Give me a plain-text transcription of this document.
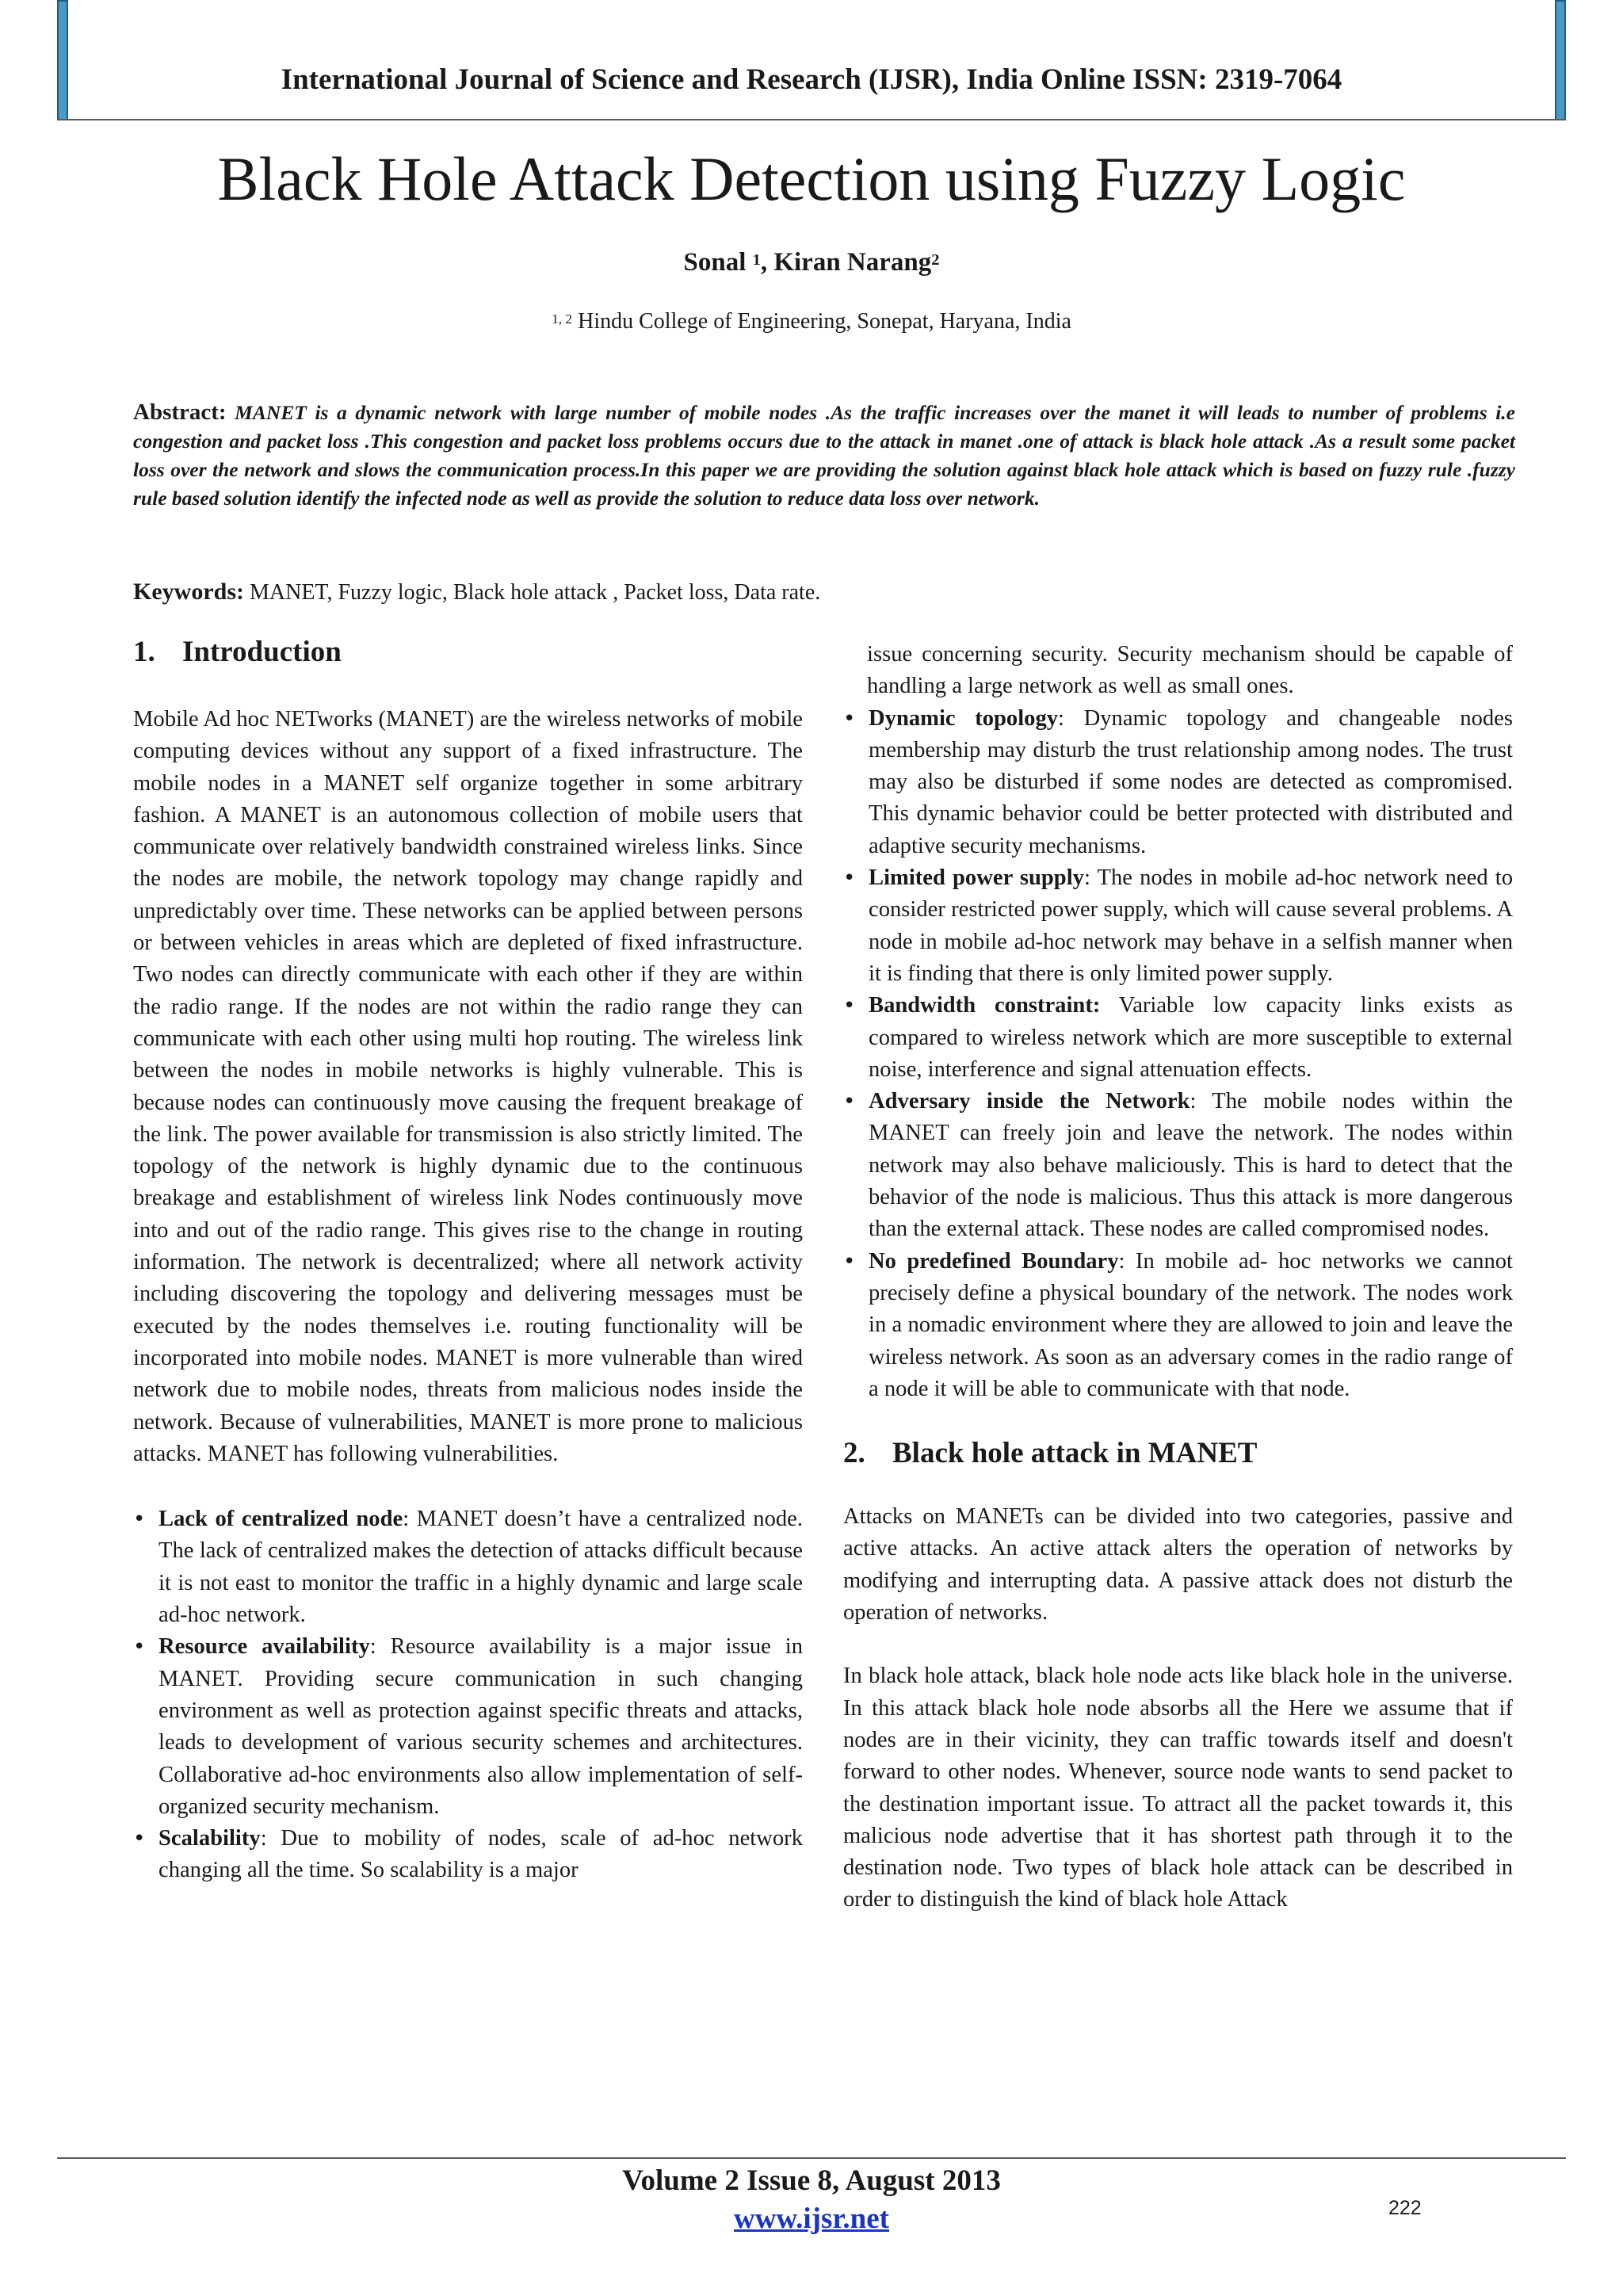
International Journal of Science and Research (IJSR), India Online ISSN: 2319-7064
Black Hole Attack Detection using Fuzzy Logic
Sonal $^1$, Kiran Narang$^2$
$^{1, 2}$ Hindu College of Engineering, Sonepat, Haryana, India

Abstract: MANET is a dynamic network with large number of mobile nodes .As the traffic increases over the manet it will leads to number of problems i.e congestion and packet loss .This congestion and packet loss problems occurs due to the attack in manet .one of attack is black hole attack .As a result some packet loss over the network and slows the communication process.In this paper we are providing the solution against black hole attack which is based on fuzzy rule .fuzzy rule based solution identify the infected node as well as provide the solution to reduce data loss over network.

Keywords: MANET, Fuzzy logic, Black hole attack , Packet loss, Data rate.

1. Introduction

Mobile Ad hoc NETworks (MANET) are the wireless networks of mobile computing devices without any support of a fixed infrastructure. The mobile nodes in a MANET self organize together in some arbitrary fashion. A MANET is an autonomous collection of mobile users that communicate over relatively bandwidth constrained wireless links. Since the nodes are mobile, the network topology may change rapidly and unpredictably over time. These networks can be applied between persons or between vehicles in areas which are depleted of fixed infrastructure. Two nodes can directly communicate with each other if they are within the radio range. If the nodes are not within the radio range they can communicate with each other using multi hop routing. The wireless link between the nodes in mobile networks is highly vulnerable. This is because nodes can continuously move causing the frequent breakage of the link. The power available for transmission is also strictly limited. The topology of the network is highly dynamic due to the continuous breakage and establishment of wireless link Nodes continuously move into and out of the radio range. This gives rise to the change in routing information. The network is decentralized; where all network activity including discovering the topology and delivering messages must be executed by the nodes themselves i.e. routing functionality will be incorporated into mobile nodes. MANET is more vulnerable than wired network due to mobile nodes, threats from malicious nodes inside the network. Because of vulnerabilities, MANET is more prone to malicious attacks. MANET has following vulnerabilities.

• Lack of centralized node: MANET doesn’t have a centralized node. The lack of centralized makes the detection of attacks difficult because it is not east to monitor the traffic in a highly dynamic and large scale ad-hoc network.
• Resource availability: Resource availability is a major issue in MANET. Providing secure communication in such changing environment as well as protection against specific threats and attacks, leads to development of various security schemes and architectures. Collaborative ad-hoc environments also allow implementation of self-organized security mechanism.
• Scalability: Due to mobility of nodes, scale of ad-hoc network changing all the time. So scalability is a major

issue concerning security. Security mechanism should be capable of handling a large network as well as small ones.

• Dynamic topology: Dynamic topology and changeable nodes membership may disturb the trust relationship among nodes. The trust may also be disturbed if some nodes are detected as compromised. This dynamic behavior could be better protected with distributed and adaptive security mechanisms.
• Limited power supply: The nodes in mobile ad-hoc network need to consider restricted power supply, which will cause several problems. A node in mobile ad-hoc network may behave in a selfish manner when it is finding that there is only limited power supply.
• Bandwidth constraint: Variable low capacity links exists as compared to wireless network which are more susceptible to external noise, interference and signal attenuation effects.
• Adversary inside the Network: The mobile nodes within the MANET can freely join and leave the network. The nodes within network may also behave maliciously. This is hard to detect that the behavior of the node is malicious. Thus this attack is more dangerous than the external attack. These nodes are called compromised nodes.
• No predefined Boundary: In mobile ad- hoc networks we cannot precisely define a physical boundary of the network. The nodes work in a nomadic environment where they are allowed to join and leave the wireless network. As soon as an adversary comes in the radio range of a node it will be able to communicate with that node.
2. Black hole attack in MANET

Attacks on MANETs can be divided into two categories, passive and active attacks. An active attack alters the operation of networks by modifying and interrupting data. A passive attack does not disturb the operation of networks.

In black hole attack, black hole node acts like black hole in the universe. In this attack black hole node absorbs all the Here we assume that if nodes are in their vicinity, they can traffic towards itself and doesn't forward to other nodes. Whenever, source node wants to send packet to the destination important issue. To attract all the packet towards it, this malicious node advertise that it has shortest path through it to the destination node. Two types of black hole attack can be described in order to distinguish the kind of black hole Attack

Volume 2 Issue 8, August 2013
www.ijsr.net	222
